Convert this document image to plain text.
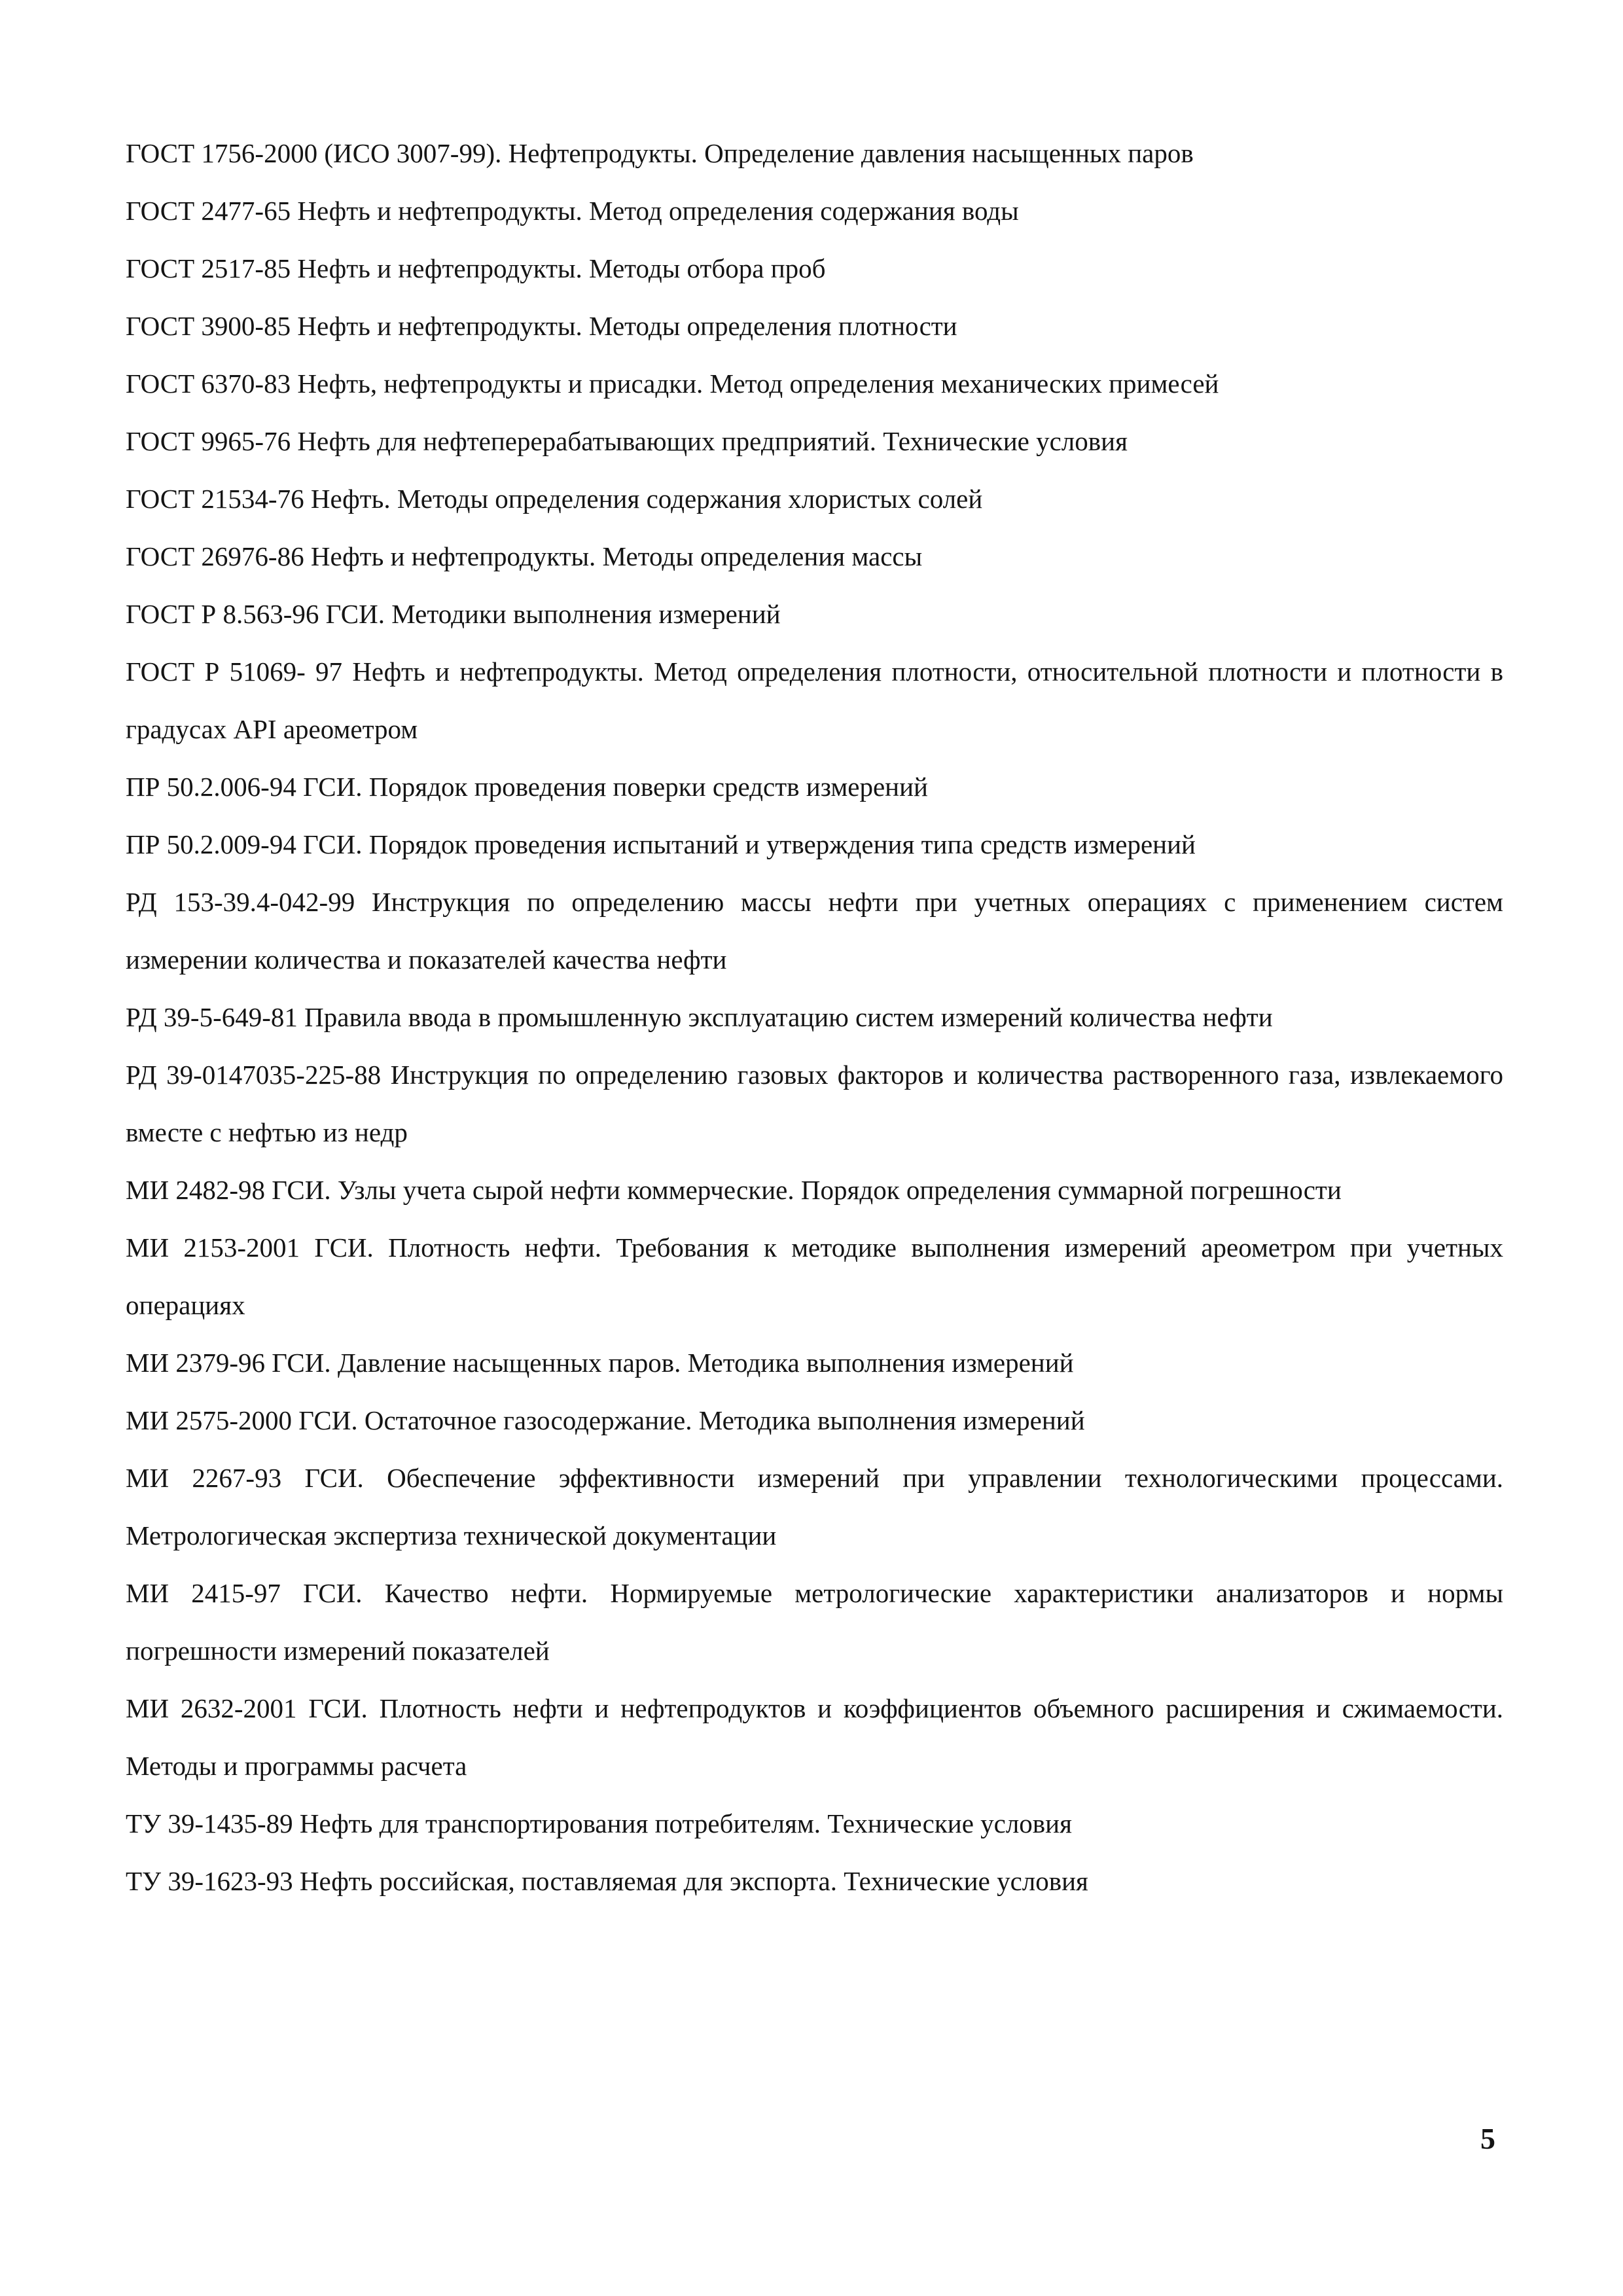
ГОСТ 1756-2000 (ИСО 3007-99). Нефтепродукты. Определение давления насыщенных паров
ГОСТ 2477-65 Нефть и нефтепродукты. Метод определения содержания воды
ГОСТ 2517-85 Нефть и нефтепродукты. Методы отбора проб
ГОСТ 3900-85 Нефть и нефтепродукты. Методы определения плотности
ГОСТ 6370-83 Нефть, нефтепродукты и присадки. Метод определения механических примесей
ГОСТ 9965-76 Нефть для нефтеперерабатывающих предприятий. Технические условия
ГОСТ 21534-76 Нефть. Методы определения содержания хлористых солей
ГОСТ 26976-86 Нефть и нефтепродукты. Методы определения массы
ГОСТ Р 8.563-96 ГСИ. Методики выполнения измерений
ГОСТ Р 51069- 97 Нефть и нефтепродукты. Метод определения плотности, относительной плотности и плотности в градусах API ареометром
ПР 50.2.006-94 ГСИ. Порядок проведения поверки средств измерений
ПР 50.2.009-94 ГСИ. Порядок проведения испытаний и утверждения типа средств измерений
РД 153-39.4-042-99 Инструкция по определению массы нефти при учетных операциях с применением систем измерении количества и показателей качества нефти
РД 39-5-649-81 Правила ввода в промышленную эксплуатацию систем измерений количества нефти
РД 39-0147035-225-88 Инструкция по определению газовых факторов и количества растворенного газа, извлекаемого вместе с нефтью из недр
МИ 2482-98 ГСИ. Узлы учета сырой нефти коммерческие. Порядок определения суммарной погрешности
МИ 2153-2001 ГСИ. Плотность нефти. Требования к методике выполнения измерений ареометром при учетных операциях
МИ 2379-96 ГСИ. Давление насыщенных паров. Методика выполнения измерений
МИ 2575-2000 ГСИ. Остаточное газосодержание. Методика выполнения измерений
МИ 2267-93 ГСИ. Обеспечение эффективности измерений при управлении технологическими процессами. Метрологическая экспертиза технической документации
МИ 2415-97 ГСИ. Качество нефти. Нормируемые метрологические характеристики анализаторов и нормы погрешности измерений показателей
МИ 2632-2001 ГСИ. Плотность нефти и нефтепродуктов и коэффициентов объемного расширения и сжимаемости. Методы и программы расчета
ТУ 39-1435-89 Нефть для транспортирования потребителям. Технические условия
ТУ 39-1623-93 Нефть российская, поставляемая для экспорта. Технические условия
5
